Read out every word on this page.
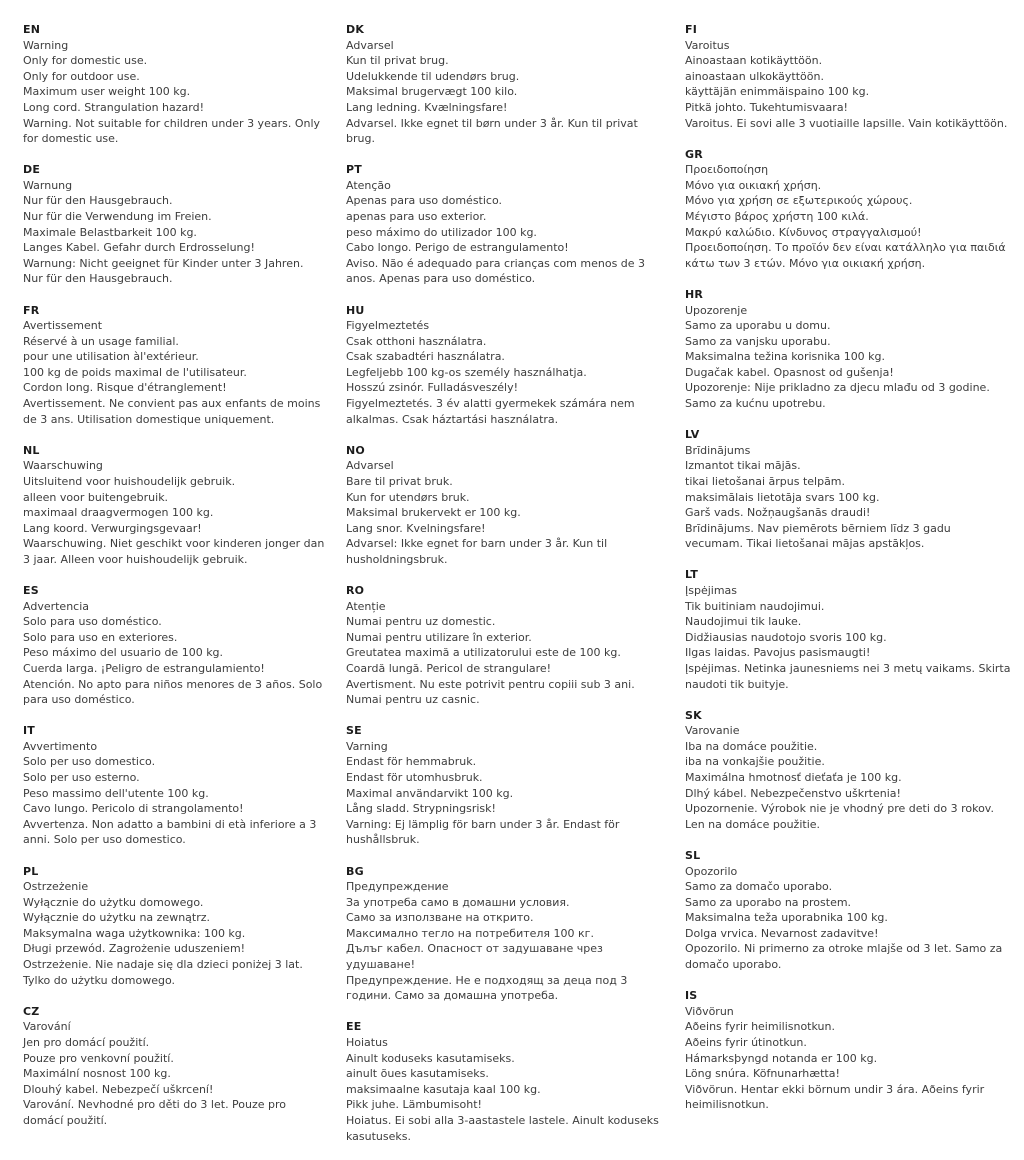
EN
Warning
Only for domestic use.
Only for outdoor use.
Maximum user weight 100 kg.
Long cord. Strangulation hazard!
Warning. Not suitable for children under 3 years. Only for domestic use.
DE
Warnung
Nur für den Hausgebrauch.
Nur für die Verwendung im Freien.
Maximale Belastbarkeit 100 kg.
Langes Kabel. Gefahr durch Erdrosselung!
Warnung: Nicht geeignet für Kinder unter 3 Jahren. Nur für den Hausgebrauch.
FR
Avertissement
Réservé à un usage familial.
pour une utilisation àl'extérieur.
100 kg de poids maximal de l'utilisateur.
Cordon long. Risque d'étranglement!
Avertissement. Ne convient pas aux enfants de moins de 3 ans. Utilisation domestique uniquement.
NL
Waarschuwing
Uitsluitend voor huishoudelijk gebruik.
alleen voor buitengebruik.
maximaal draagvermogen 100 kg.
Lang koord. Verwurgingsgevaar!
Waarschuwing. Niet geschikt voor kinderen jonger dan 3 jaar. Alleen voor huishoudelijk gebruik.
ES
Advertencia
Solo para uso doméstico.
Solo para uso en exteriores.
Peso máximo del usuario de 100 kg.
Cuerda larga. ¡Peligro de estrangulamiento!
Atención. No apto para niños menores de 3 años. Solo para uso doméstico.
IT
Avvertimento
Solo per uso domestico.
Solo per uso esterno.
Peso massimo dell'utente 100 kg.
Cavo lungo. Pericolo di strangolamento!
Avvertenza. Non adatto a bambini di età inferiore a 3 anni. Solo per uso domestico.
PL
Ostrzeżenie
Wyłącznie do użytku domowego.
Wyłącznie do użytku na zewnątrz.
Maksymalna waga użytkownika: 100 kg.
Długi przewód. Zagrożenie uduszeniem!
Ostrzeżenie. Nie nadaje się dla dzieci poniżej 3 lat. Tylko do użytku domowego.
CZ
Varování
Jen pro domácí použití.
Pouze pro venkovní použití.
Maximální nosnost 100 kg.
Dlouhý kabel. Nebezpečí uškrcení!
Varování. Nevhodné pro děti do 3 let. Pouze pro domácí použití.
DK
Advarsel
Kun til privat brug.
Udelukkende til udendørs brug.
Maksimal brugervægt 100 kilo.
Lang ledning. Kvælningsfare!
Advarsel. Ikke egnet til børn under 3 år. Kun til privat brug.
PT
Atenção
Apenas para uso doméstico.
apenas para uso exterior.
peso máximo do utilizador 100 kg.
Cabo longo. Perigo de estrangulamento!
Aviso. Não é adequado para crianças com menos de 3 anos. Apenas para uso doméstico.
HU
Figyelmeztetés
Csak otthoni használatra.
Csak szabadtéri használatra.
Legfeljebb 100 kg-os személy használhatja.
Hosszú zsinór. Fulladásveszély!
Figyelmeztetés. 3 év alatti gyermekek számára nem alkalmas. Csak háztartási használatra.
NO
Advarsel
Bare til privat bruk.
Kun for utendørs bruk.
Maksimal brukervekt er 100 kg.
Lang snor. Kvelningsfare!
Advarsel: Ikke egnet for barn under 3 år. Kun til husholdningsbruk.
RO
Atenție
Numai pentru uz domestic.
Numai pentru utilizare în exterior.
Greutatea maximă a utilizatorului este de 100 kg.
Coardă lungă. Pericol de strangulare!
Avertisment. Nu este potrivit pentru copiii sub 3 ani. Numai pentru uz casnic.
SE
Varning
Endast för hemmabruk.
Endast för utomhusbruk.
Maximal användarvikt 100 kg.
Lång sladd. Strypningsrisk!
Varning: Ej lämplig för barn under 3 år. Endast för hushållsbruk.
BG
Предупреждение
За употреба само в домашни условия.
Само за използване на открито.
Максимално тегло на потребителя 100 кг.
Дълъг кабел. Опасност от задушаване чрез удушаване!
Предупреждение. Не е подходящ за деца под 3 години. Само за домашна употреба.
EE
Hoiatus
Ainult koduseks kasutamiseks.
ainult õues kasutamiseks.
maksimaalne kasutaja kaal 100 kg.
Pikk juhe. Lämbumisoht!
Hoiatus. Ei sobi alla 3-aastastele lastele. Ainult koduseks kasutuseks.
FI
Varoitus
Ainoastaan kotikäyttöön.
ainoastaan ulkokäyttöön.
käyttäjän enimmäispaino 100 kg.
Pitkä johto. Tukehtumisvaara!
Varoitus. Ei sovi alle 3 vuotiaille lapsille. Vain kotikäyttöön.
GR
Προειδοποίηση
Μόνο για οικιακή χρήση.
Μόνο για χρήση σε εξωτερικούς χώρους.
Μέγιστο βάρος χρήστη 100 κιλά.
Μακρύ καλώδιο. Κίνδυνος στραγγαλισμού!
Προειδοποίηση. Το προϊόν δεν είναι κατάλληλο για παιδιά κάτω των 3 ετών. Μόνο για οικιακή χρήση.
HR
Upozorenje
Samo za uporabu u domu.
Samo za vanjsku uporabu.
Maksimalna težina korisnika 100 kg.
Dugačak kabel. Opasnost od gušenja!
Upozorenje: Nije prikladno za djecu mlađu od 3 godine. Samo za kućnu upotrebu.
LV
Brīdinājums
Izmantot tikai mājās.
tikai lietošanai ārpus telpām.
maksimālais lietotāja svars 100 kg.
Garš vads. Nožņaugšanās draudi!
Brīdinājums. Nav piemērots bērniem līdz 3 gadu vecumam. Tikai lietošanai mājas apstākļos.
LT
Įspėjimas
Tik buitiniam naudojimui.
Naudojimui tik lauke.
Didžiausias naudotojo svoris 100 kg.
Ilgas laidas. Pavojus pasismaugti!
Įspėjimas. Netinka jaunesniems nei 3 metų vaikams. Skirta naudoti tik buityje.
SK
Varovanie
Iba na domáce použitie.
iba na vonkajšie použitie.
Maximálna hmotnosť dieťaťa je 100 kg.
Dlhý kábel. Nebezpečenstvo uškrtenia!
Upozornenie. Výrobok nie je vhodný pre deti do 3 rokov. Len na domáce použitie.
SL
Opozorilo
Samo za domačo uporabo.
Samo za uporabo na prostem.
Maksimalna teža uporabnika 100 kg.
Dolga vrvica. Nevarnost zadavitve!
Opozorilo. Ni primerno za otroke mlajše od 3 let. Samo za domačo uporabo.
IS
Viðvörun
Aðeins fyrir heimilisnotkun.
Aðeins fyrir útinotkun.
Hámarksþyngd notanda er 100 kg.
Löng snúra. Köfnunarhætta!
Viðvörun. Hentar ekki börnum undir 3 ára. Aðeins fyrir heimilisnotkun.
